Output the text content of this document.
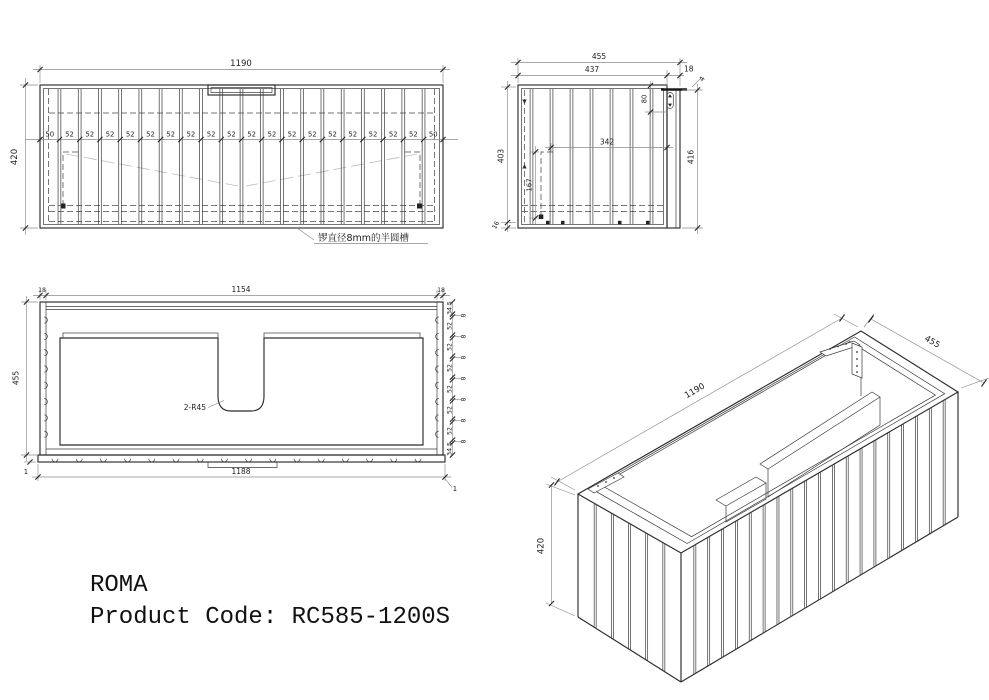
50 52 52 52 52 52 52 52 52 52 52 52 52 52 52 52 52 52 52 50
1190
420
锣直径8mm的半圆槽
455
437	18
4
80
403
16
167
342
416
18	1154	18
455
1	1188
1
2-R45
34.5
8
52
8
52
8
52
8
52
8
52
8
52
8
34.5
1190
455
420
ROMA
Product Code: RC585-1200S
